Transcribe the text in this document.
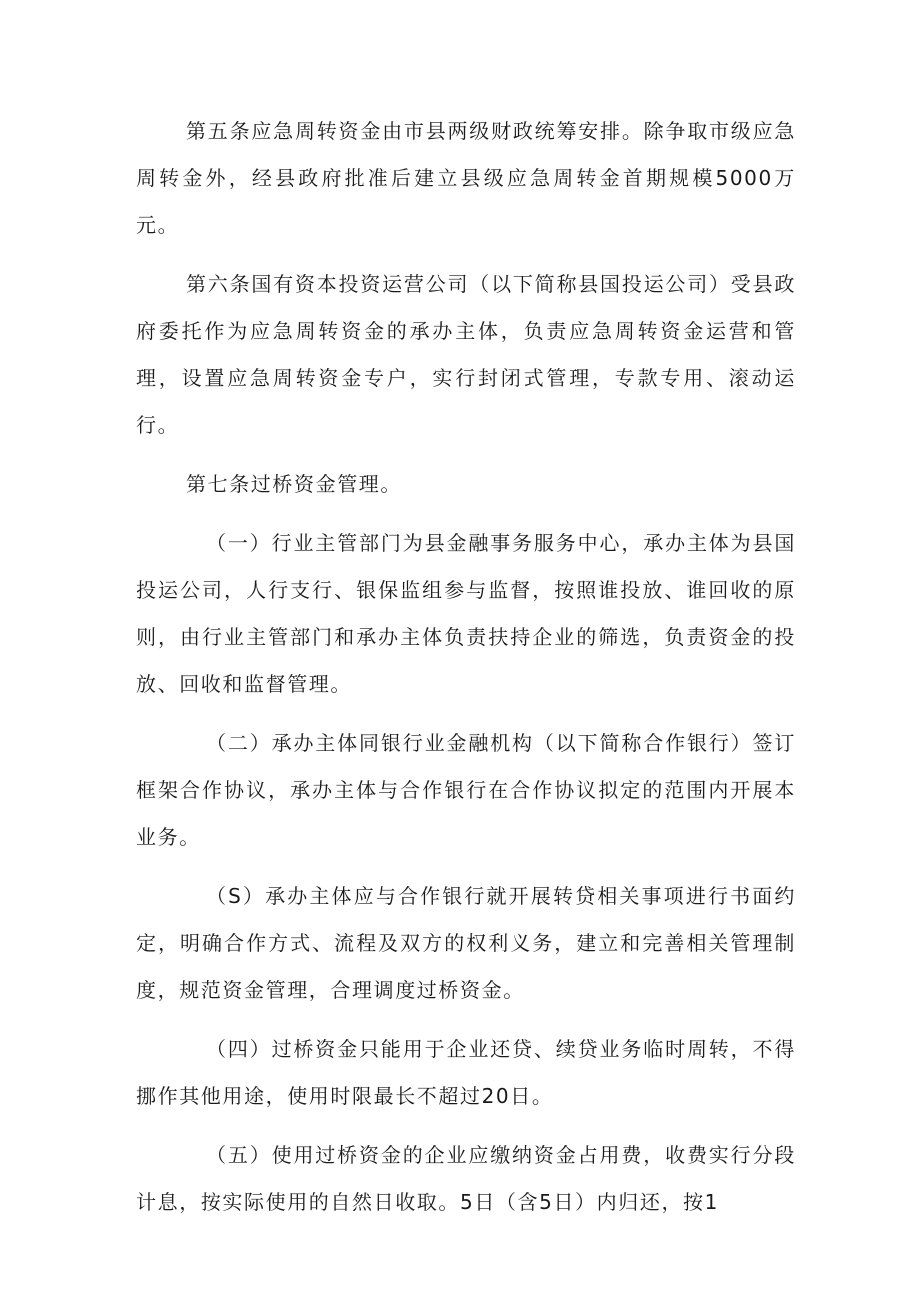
第五条应急周转资金由市县两级财政统筹安排。除争取市级应急周转金外，经县政府批准后建立县级应急周转金首期规模5000万元。

第六条国有资本投资运营公司（以下简称县国投运公司）受县政府委托作为应急周转资金的承办主体，负责应急周转资金运营和管理，设置应急周转资金专户，实行封闭式管理，专款专用、滚动运行。

第七条过桥资金管理。

（一）行业主管部门为县金融事务服务中心，承办主体为县国投运公司，人行支行、银保监组参与监督，按照谁投放、谁回收的原则，由行业主管部门和承办主体负责扶持企业的筛选，负责资金的投放、回收和监督管理。

（二）承办主体同银行业金融机构（以下简称合作银行）签订框架合作协议，承办主体与合作银行在合作协议拟定的范围内开展本业务。

（S）承办主体应与合作银行就开展转贷相关事项进行书面约定，明确合作方式、流程及双方的权利义务，建立和完善相关管理制度，规范资金管理，合理调度过桥资金。

（四）过桥资金只能用于企业还贷、续贷业务临时周转，不得挪作其他用途，使用时限最长不超过20日。

（五）使用过桥资金的企业应缴纳资金占用费，收费实行分段计息，按实际使用的自然日收取。5日（含5日）内归还，按1
